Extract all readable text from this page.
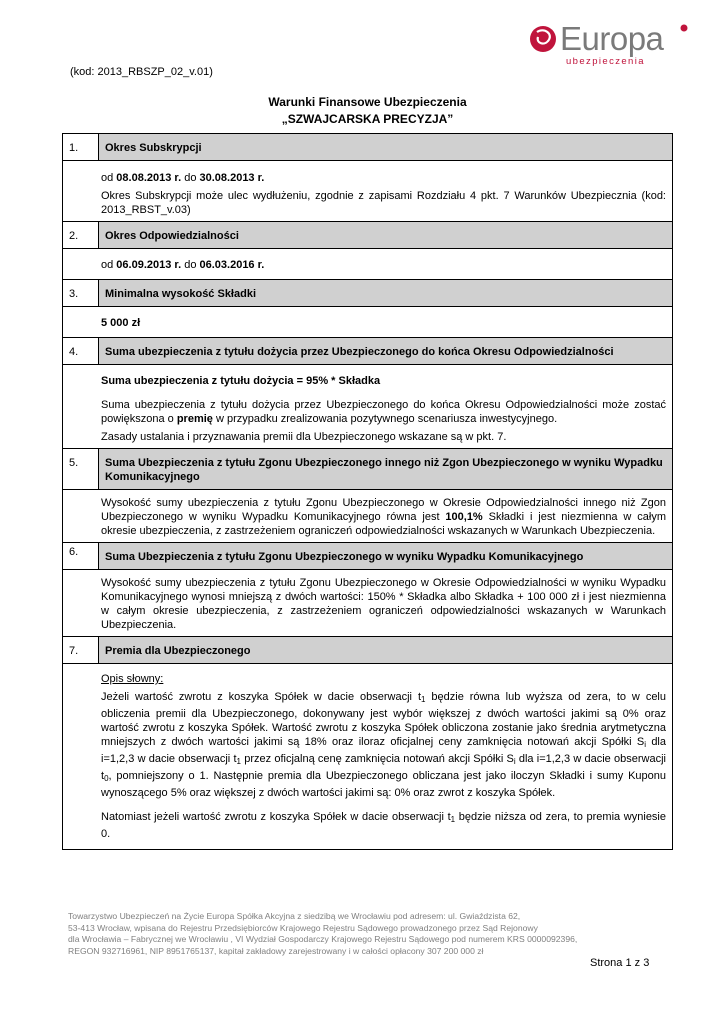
Europa
ubezpieczenia
(kod: 2013_RBSZP_02_v.01)
Warunki Finansowe Ubezpieczenia
„SZWAJCARSKA PRECYZJA”
1.	Okres Subskrypcji

od 08.08.2013 r. do 30.08.2013 r.

Okres Subskrypcji może ulec wydłużeniu, zgodnie z zapisami Rozdziału 4 pkt. 7 Warunków Ubezpiecznia (kod: 2013_RBST_v.03)	

2.	Okres Odpowiedzialności

od 06.09.2013 r. do 06.03.2016 r.	

3.	Minimalna wysokość Składki

5 000 zł	

4.	Suma ubezpieczenia z tytułu dożycia przez Ubezpieczonego do końca Okresu Odpowiedzialności

Suma ubezpieczenia z tytułu dożycia = 95% * Składka

Suma ubezpieczenia z tytułu dożycia przez Ubezpieczonego do końca Okresu Odpowiedzialności może zostać powiększona o premię w przypadku zrealizowania pozytywnego scenariusza inwestycyjnego.

Zasady ustalania i przyznawania premii dla Ubezpieczonego wskazane są w pkt. 7.	

5.	Suma Ubezpieczenia z tytułu Zgonu Ubezpieczonego innego niż Zgon Ubezpieczonego w wyniku Wypadku Komunikacyjnego

Wysokość sumy ubezpieczenia z tytułu Zgonu Ubezpieczonego w Okresie Odpowiedzialności innego niż Zgon Ubezpieczonego w wyniku Wypadku Komunikacyjnego równa jest 100,1% Składki i jest niezmienna w całym okresie ubezpieczenia, z zastrzeżeniem ograniczeń odpowiedzialności wskazanych w Warunkach Ubezpieczenia.	

6.	Suma Ubezpieczenia z tytułu Zgonu Ubezpieczonego w wyniku Wypadku Komunikacyjnego

Wysokość sumy ubezpieczenia z tytułu Zgonu Ubezpieczonego w Okresie Odpowiedzialności w wyniku Wypadku Komunikacyjnego wynosi mniejszą z dwóch wartości: 150% * Składka albo Składka + 100 000 zł i jest niezmienna w całym okresie ubezpieczenia, z zastrzeżeniem ograniczeń odpowiedzialności wskazanych w Warunkach Ubezpieczenia.	

7.	Premia dla Ubezpieczonego

Opis słowny:

Jeżeli wartość zwrotu z koszyka Spółek w dacie obserwacji $t_1$ będzie równa lub wyższa od zera, to w celu obliczenia premii dla Ubezpieczonego, dokonywany jest wybór większej z dwóch wartości jakimi są 0% oraz wartość zwrotu z koszyka Spółek. Wartość zwrotu z koszyka Spółek obliczona zostanie jako średnia arytmetyczna mniejszych z dwóch wartości jakimi są 18% oraz iloraz oficjalnej ceny zamknięcia notowań akcji Spółki $S_i$ dla i=1,2,3 w dacie obserwacji $t_1$ przez oficjalną cenę zamknięcia notowań akcji Spółki $S_i$ dla i=1,2,3 w dacie obserwacji $t_0$, pomniejszony o 1. Następnie premia dla Ubezpieczonego obliczana jest jako iloczyn Składki i sumy Kuponu wynoszącego 5% oraz większej z dwóch wartości jakimi są: 0% oraz zwrot z koszyka Spółek.

Natomiast jeżeli wartość zwrotu z koszyka Spółek w dacie obserwacji $t_1$ będzie niższa od zera, to premia wyniesie 0.	

Towarzystwo Ubezpieczeń na Życie Europa Spółka Akcyjna z siedzibą we Wrocławiu pod adresem: ul. Gwiaździsta 62,
53-413 Wrocław, wpisana do Rejestru Przedsiębiorców Krajowego Rejestru Sądowego prowadzonego przez Sąd Rejonowy
dla Wrocławia – Fabrycznej we Wrocławiu , VI Wydział Gospodarczy Krajowego Rejestru Sądowego pod numerem KRS 0000092396,
REGON 932716961, NIP 8951765137, kapitał zakładowy zarejestrowany i w całości opłacony 307 200 000 zł
Strona 1 z 3
